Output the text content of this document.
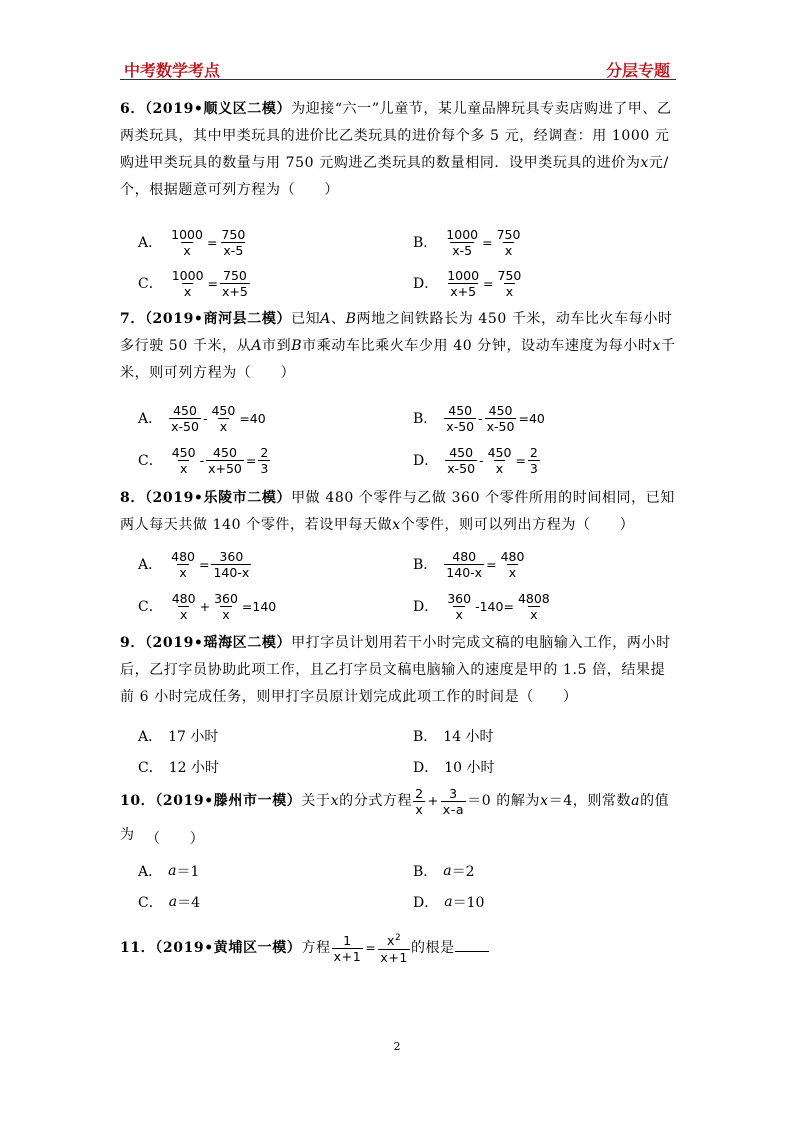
中考数学考点	分层专题
6．（2019•顺义区二模）为迎接“六一”儿童节，某儿童品牌玩具专卖店购进了甲、乙两类玩具，其中甲类玩具的进价比乙类玩具的进价每个多 5 元，经调查：用 1000 元购进甲类玩具的数量与用 750 元购进乙类玩具的数量相同．设甲类玩具的进价为x元/个，根据题意可列方程为（　　）
A． $\frac{1000}{x} = \frac{750}{x-5}$	B． $\frac{1000}{x-5} = \frac{750}{x}$
C． $\frac{1000}{x} = \frac{750}{x+5}$	D． $\frac{1000}{x+5} = \frac{750}{x}$
7．（2019•商河县二模）已知A、B两地之间铁路长为 450 千米，动车比火车每小时多行驶 50 千米，从A市到B市乘动车比乘火车少用 40 分钟，设动车速度为每小时x千米，则可列方程为（　　）
A． $\frac{450}{x-50} - \frac{450}{x} =40$	B． $\frac{450}{x-50} - \frac{450}{x-50} =40$
C． $\frac{450}{x} - \frac{450}{x+50} = \frac{2}{3}$	D． $\frac{450}{x-50} - \frac{450}{x} = \frac{2}{3}$
8．（2019•乐陵市二模）甲做 480 个零件与乙做 360 个零件所用的时间相同，已知两人每天共做 140 个零件，若设甲每天做x个零件，则可以列出方程为（　　）
A． $\frac{480}{x} = \frac{360}{140-x}$	B． $\frac{480}{140-x} = \frac{480}{x}$
C． $\frac{480}{x} + \frac{360}{x} =140$	D． $\frac{360}{x} -140= \frac{4808}{x}$
9．（2019•瑶海区二模）甲打字员计划用若干小时完成文稿的电脑输入工作，两小时后，乙打字员协助此项工作，且乙打字员文稿电脑输入的速度是甲的 1.5 倍，结果提前 6 小时完成任务，则甲打字员原计划完成此项工作的时间是（　　）
A． 17 小时	B． 14 小时
C． 12 小时	D． 10 小时
10．（2019•滕州市一模）关于x的分式方程 $\frac{2}{x} + \frac{3}{x-a} =0$ 的解为x＝4，则常数a的值为 （　　）
A． a ＝1	B． a ＝2
C． a ＝4	D． a ＝10
11．（2019•黄埔区一模）方程 $\frac{1}{x+1} = \frac{x^2}{x+1}$ 的根是
2
